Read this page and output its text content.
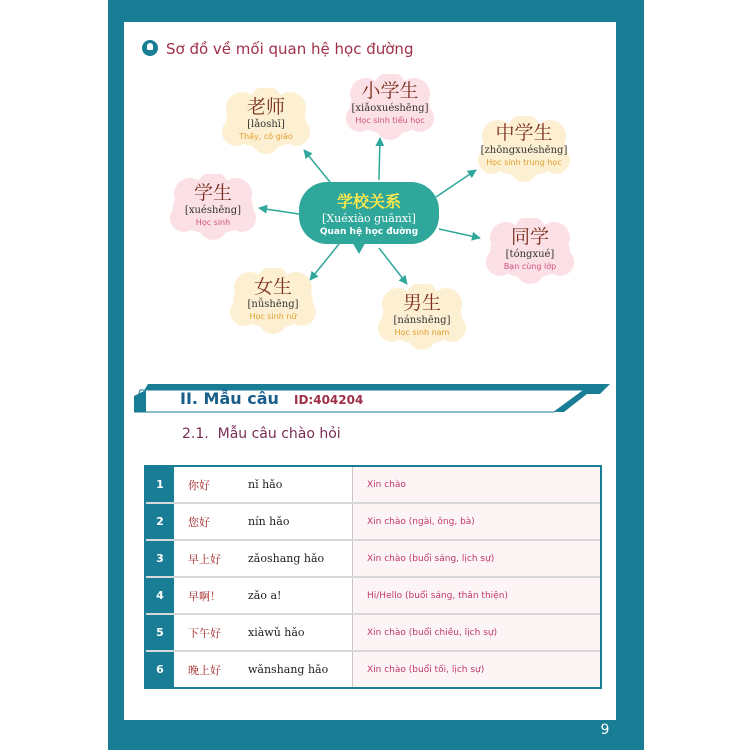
9
Sơ đồ về mối quan hệ học đường
老师
[lǎoshī]
Thầy, cô giáo
小学生
[xiǎoxuéshēng]
Học sinh tiểu học
中学生
[zhōngxuéshēng]
Học sinh trung học
学生
[xuéshēng]
Học sinh
同学
[tóngxué]
Bạn cùng lớp
女生
[nǚshēng]
Học sinh nữ
男生
[nánshēng]
Học sinh nam
学校关系
[Xuéxiào guānxì]
Quan hệ học đường
II. Mẫu câu ID:404204
2.1. Mẫu câu chào hỏi
1	你好	nǐ hǎo	Xin chào
2	您好	nín hǎo	Xin chào (ngài, ông, bà)
3	早上好	zǎoshang hǎo	Xin chào (buổi sáng, lịch sự)
4	早啊！	zǎo a!	Hi/Hello (buổi sáng, thân thiện)
5	下午好	xiàwǔ hǎo	Xin chào (buổi chiều, lịch sự)
6	晚上好	wǎnshang hǎo	Xin chào (buổi tối, lịch sự)
